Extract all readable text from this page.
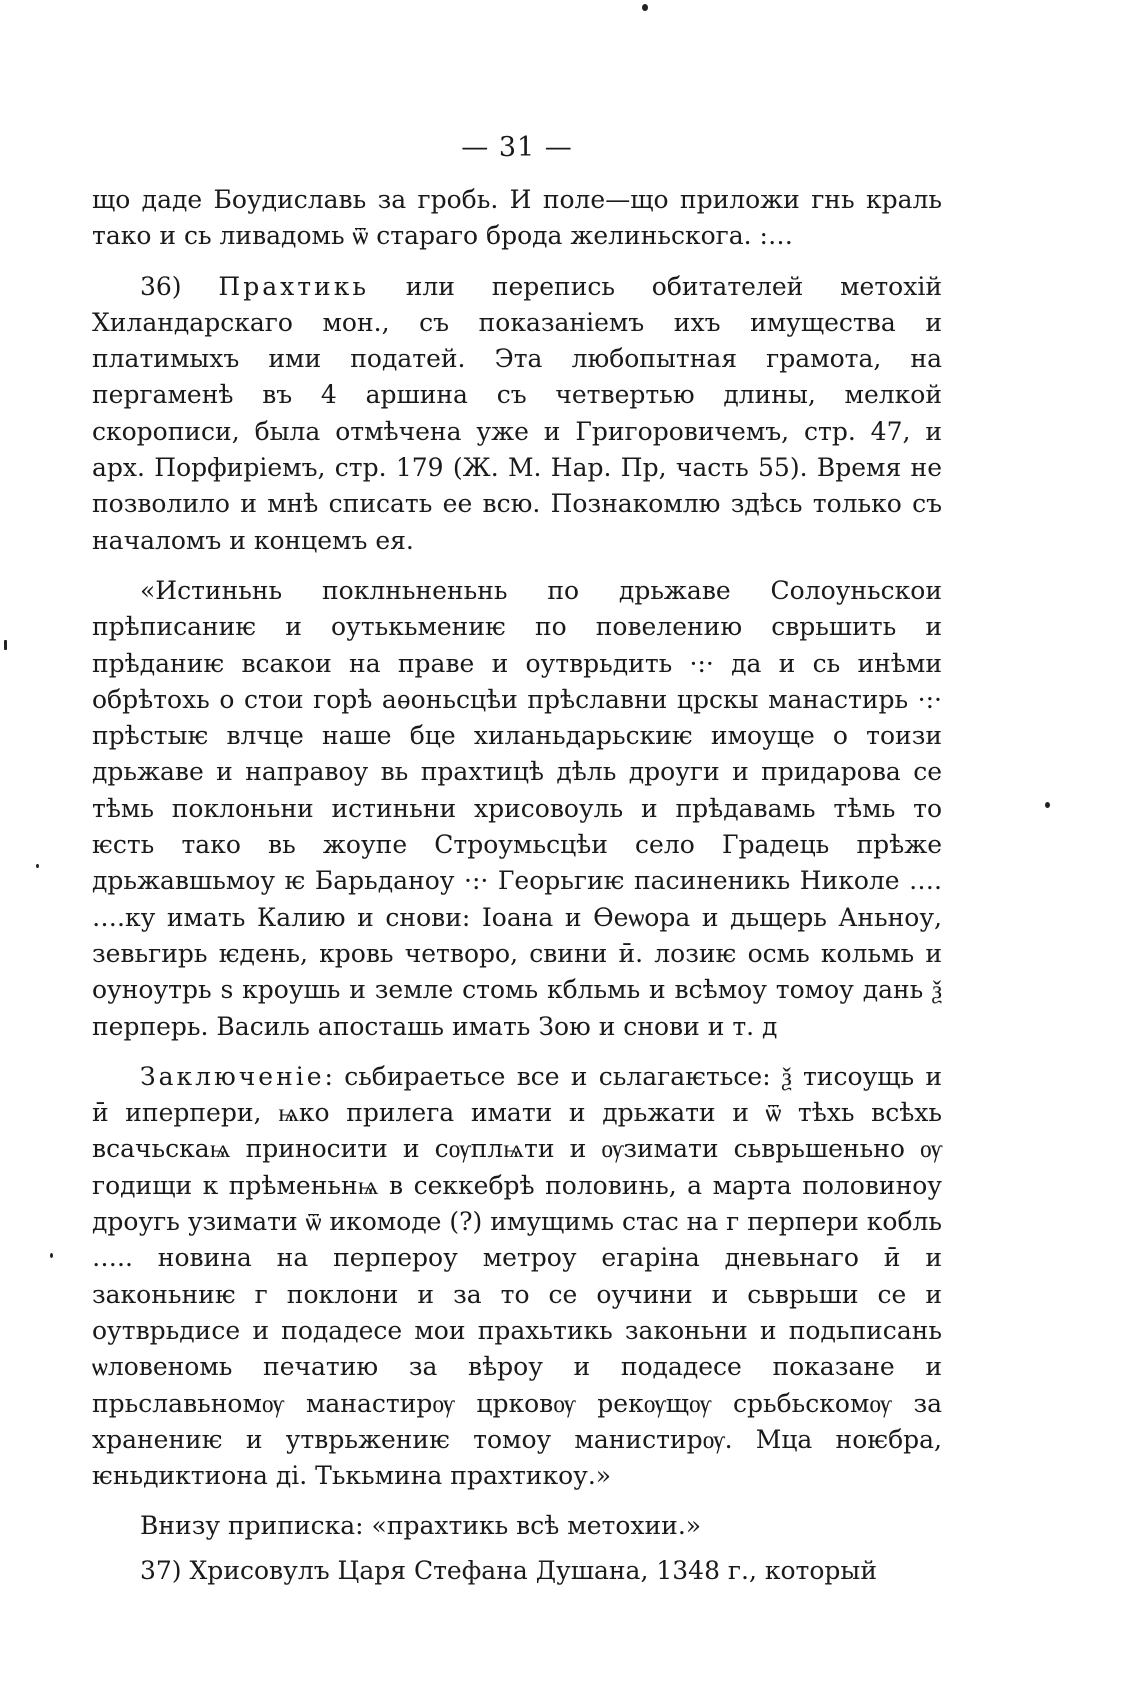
— 31 —

що даде Боудиславь за гробь. И поле—що приложи гнь краль тако и сь ливадомь ѿ стараго брода желиньскога. :…

36) Прахтикь или перепись обитателей метохій Хиландарскаго мон., съ показаніемъ ихъ имущества и платимыхъ ими податей. Эта любопытная грамота, на пергаменѣ въ 4 аршина съ четвертью длины, мелкой скорописи, была отмѣчена уже и Григоровичемъ, стр. 47, и арх. Порфиріемъ, стр. 179 (Ж. М. Нар. Пр, часть 55). Время не позволило и мнѣ списать ее всю. Познакомлю здѣсь только съ началомъ и концемъ ея.

«Истиньнь поклньненьнь по дрьжаве Солоуньскои прѣписаниѥ и оутькьмениѥ по повелению сврьшить и прѣданиѥ всакои на праве и оутврьдить ·:· да и сь инѣми обрѣтохь о стои горѣ аѳоньсцѣи прѣславни црскы манастирь ·:· прѣстыѥ влчце наше бце хиланьдарьскиѥ имоуще о тоизи дрьжаве и направоу вь прахтицѣ дѣль дроуги и придарова се тѣмь поклоньни истиньни хрисовоуль и прѣдавамь тѣмь то ѥсть тако вь жоупе Строумьсцѣи село Градець прѣже дрьжавшьмоу ѥ Барьданоу ·:· Георьгиѥ пасиненикь Николе …. ….ку имать Калию и снови: Іоана и Ѳеѡора и дьщерь Аньноу, зевьгирь ѥдень, кровь четворо, свини ӣ. лозиѥ осмь кольмь и оуноутрь ѕ кроушь и земле стомь кбльмь и всѣмоу томоу дань ѯ перперь. Василь апосташь имать Зою и снови и т. д

Заключеніе: сьбираетьсе все и сьлагаѥтьсе: ѯ тисоущь и ӣ иперпери, ѩко прилега имати и дрьжати и ѿ тѣхь всѣхь всачьскаѩ приносити и сѹплѩти и ѹзимати сьврьшеньно ѹ годищи к прѣменьнѩ в секкебрѣ половинь, а марта половиноу дроугь узимати ѿ икомоде (?) имущимь стас на г перпери кобль ….. новина на перпероу метроу егаріна дневьнаго ӣ и законьниѥ г поклони и за то се оучини и сьврьши се и оутврьдисе и подадесе мои прахьтикь законьни и подьписань ѡловеномь печатию за вѣроу и подадесе показане и прьславьномѹ манастирѹ црковѹ рекѹщѹ срьбьскомѹ за хранениѥ и утврьжениѥ томоу манистирѹ. Мца ноѥбра, ѥньдиктиона ді. Тькьмина прахтикоу.»

Внизу приписка: «прахтикь всѣ метохии.»

37) Хрисовулъ Царя Стефана Душана, 1348 г., который
